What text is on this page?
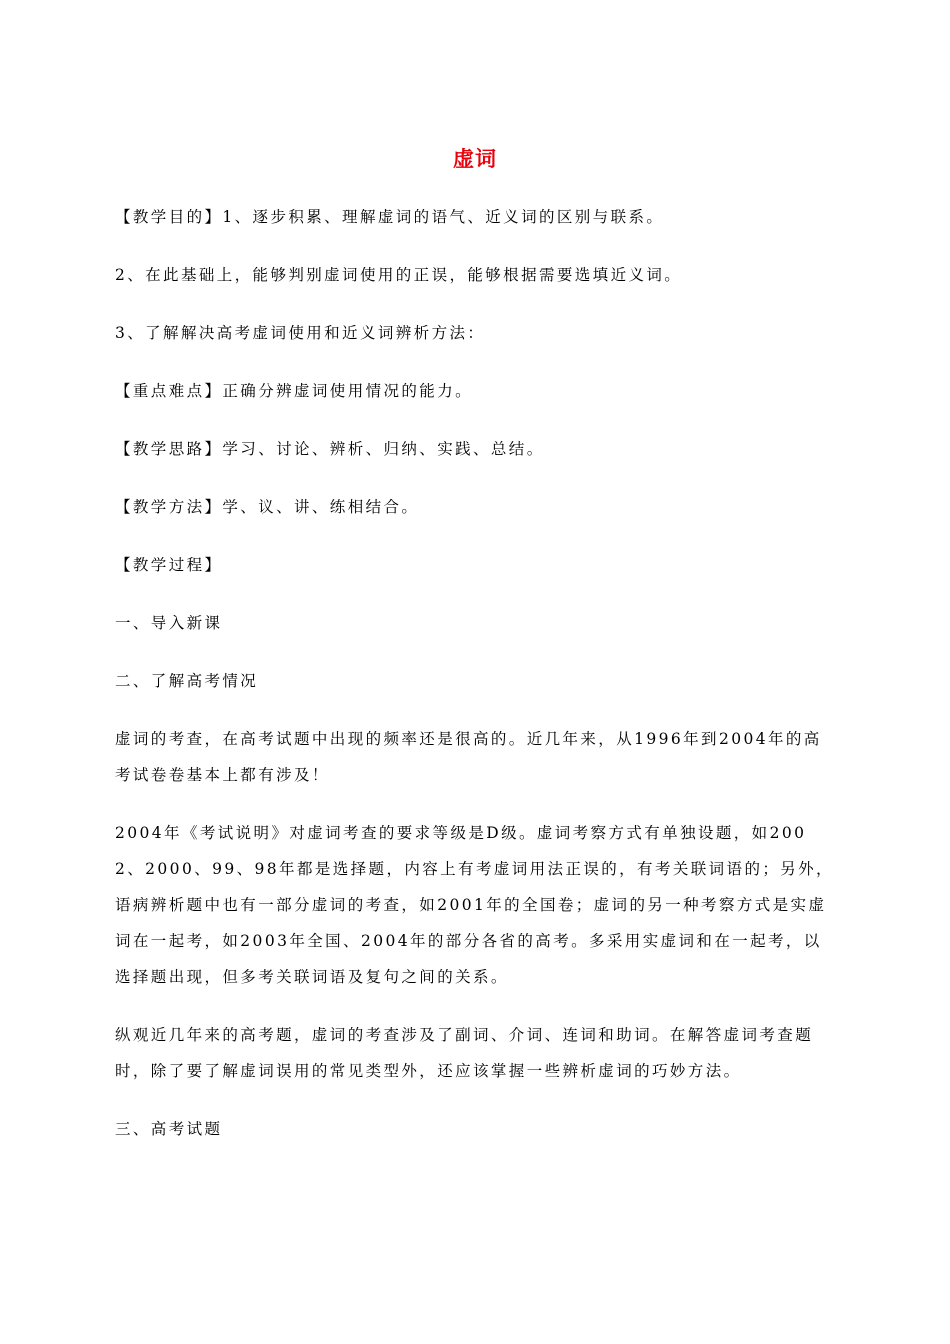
虚词

【教学目的】1、逐步积累、理解虚词的语气、近义词的区别与联系。

2、在此基础上，能够判别虚词使用的正误，能够根据需要选填近义词。

3、了解解决高考虚词使用和近义词辨析方法：

【重点难点】正确分辨虚词使用情况的能力。

【教学思路】学习、讨论、辨析、归纳、实践、总结。

【教学方法】学、议、讲、练相结合。

【教学过程】

一、导入新课

二、了解高考情况

虚词的考查，在高考试题中出现的频率还是很高的。近几年来，从1996年到2004年的高考试卷卷基本上都有涉及！

2004年《考试说明》对虚词考查的要求等级是D级。虚词考察方式有单独设题，如2002、2000、99、98年都是选择题，内容上有考虚词用法正误的，有考关联词语的；另外，语病辨析题中也有一部分虚词的考查，如2001年的全国卷；虚词的另一种考察方式是实虚词在一起考，如2003年全国、2004年的部分各省的高考。多采用实虚词和在一起考，以选择题出现，但多考关联词语及复句之间的关系。

纵观近几年来的高考题，虚词的考查涉及了副词、介词、连词和助词。在解答虚词考查题时，除了要了解虚词误用的常见类型外，还应该掌握一些辨析虚词的巧妙方法。

三、高考试题
